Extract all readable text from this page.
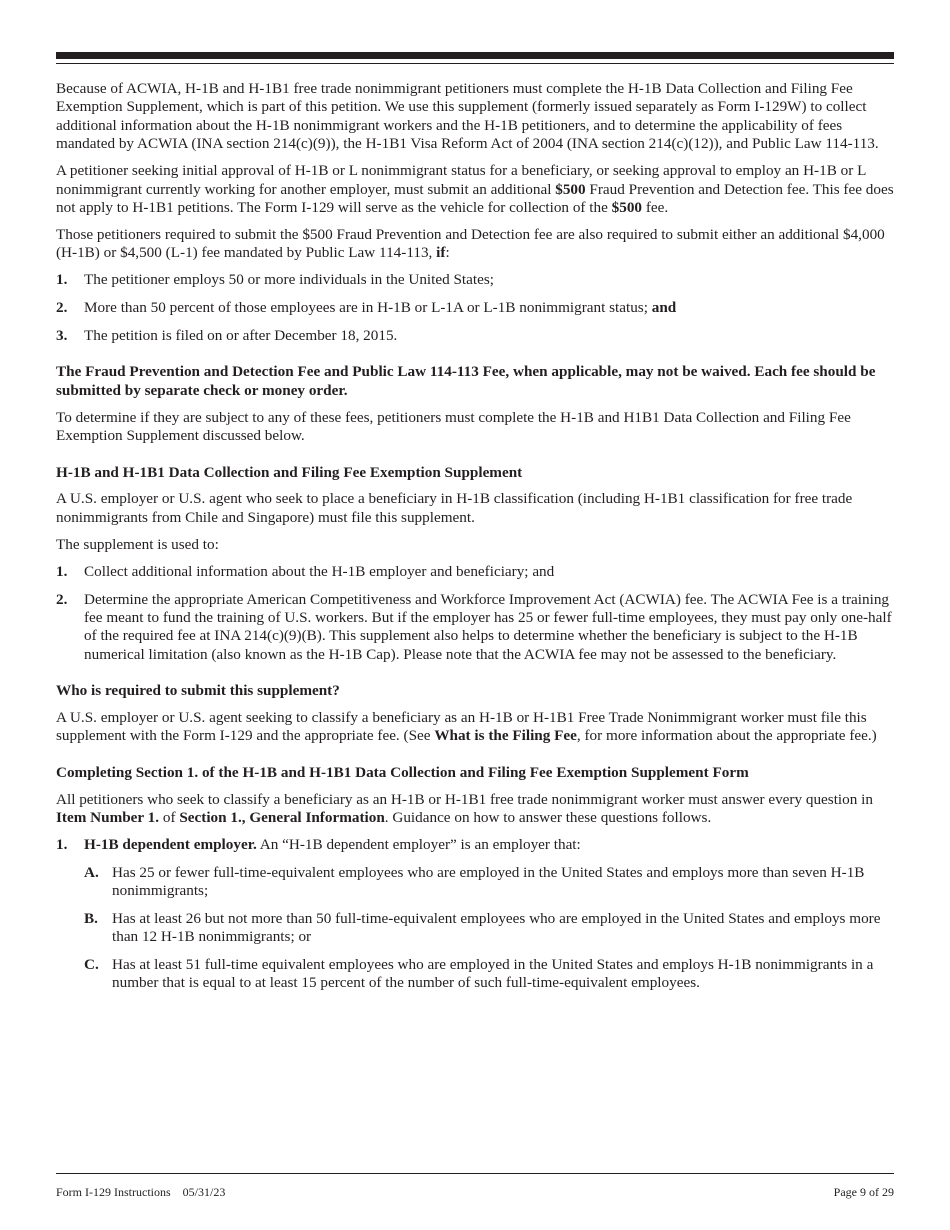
Because of ACWIA, H-1B and H-1B1 free trade nonimmigrant petitioners must complete the H-1B Data Collection and Filing Fee Exemption Supplement, which is part of this petition. We use this supplement (formerly issued separately as Form I-129W) to collect additional information about the H-1B nonimmigrant workers and the H-1B petitioners, and to determine the applicability of fees mandated by ACWIA (INA section 214(c)(9)), the H-1B1 Visa Reform Act of 2004 (INA section 214(c)(12)), and Public Law 114-113.

A petitioner seeking initial approval of H-1B or L nonimmigrant status for a beneficiary, or seeking approval to employ an H-1B or L nonimmigrant currently working for another employer, must submit an additional $500 Fraud Prevention and Detection fee. This fee does not apply to H-1B1 petitions. The Form I-129 will serve as the vehicle for collection of the $500 fee.

Those petitioners required to submit the $500 Fraud Prevention and Detection fee are also required to submit either an additional $4,000 (H-1B) or $4,500 (L-1) fee mandated by Public Law 114-113, if:

1.	The petitioner employs 50 or more individuals in the United States;
2.	More than 50 percent of those employees are in H-1B or L-1A or L-1B nonimmigrant status; and
3.	The petition is filed on or after December 18, 2015.

The Fraud Prevention and Detection Fee and Public Law 114-113 Fee, when applicable, may not be waived. Each fee should be submitted by separate check or money order.

To determine if they are subject to any of these fees, petitioners must complete the H-1B and H1B1 Data Collection and Filing Fee Exemption Supplement discussed below.

H-1B and H-1B1 Data Collection and Filing Fee Exemption Supplement

A U.S. employer or U.S. agent who seek to place a beneficiary in H-1B classification (including H-1B1 classification for free trade nonimmigrants from Chile and Singapore) must file this supplement.

The supplement is used to:

1.	Collect additional information about the H-1B employer and beneficiary; and
2.	Determine the appropriate American Competitiveness and Workforce Improvement Act (ACWIA) fee. The ACWIA Fee is a training fee meant to fund the training of U.S. workers. But if the employer has 25 or fewer full-time employees, they must pay only one-half of the required fee at INA 214(c)(9)(B). This supplement also helps to determine whether the beneficiary is subject to the H-1B numerical limitation (also known as the H-1B Cap). Please note that the ACWIA fee may not be assessed to the beneficiary.

Who is required to submit this supplement?

A U.S. employer or U.S. agent seeking to classify a beneficiary as an H-1B or H-1B1 Free Trade Nonimmigrant worker must file this supplement with the Form I-129 and the appropriate fee. (See What is the Filing Fee, for more information about the appropriate fee.)

Completing Section 1. of the H-1B and H-1B1 Data Collection and Filing Fee Exemption Supplement Form

All petitioners who seek to classify a beneficiary as an H-1B or H-1B1 free trade nonimmigrant worker must answer every question in Item Number 1. of Section 1., General Information. Guidance on how to answer these questions follows.

1.	H-1B dependent employer. An “H-1B dependent employer” is an employer that:
A. Has 25 or fewer full-time-equivalent employees who are employed in the United States and employs more than seven H-1B nonimmigrants;
B. Has at least 26 but not more than 50 full-time-equivalent employees who are employed in the United States and employs more than 12 H-1B nonimmigrants; or
C. Has at least 51 full-time equivalent employees who are employed in the United States and employs H-1B nonimmigrants in a number that is equal to at least 15 percent of the number of such full-time-equivalent employees.
Form I-129 Instructions 05/31/23	Page 9 of 29
